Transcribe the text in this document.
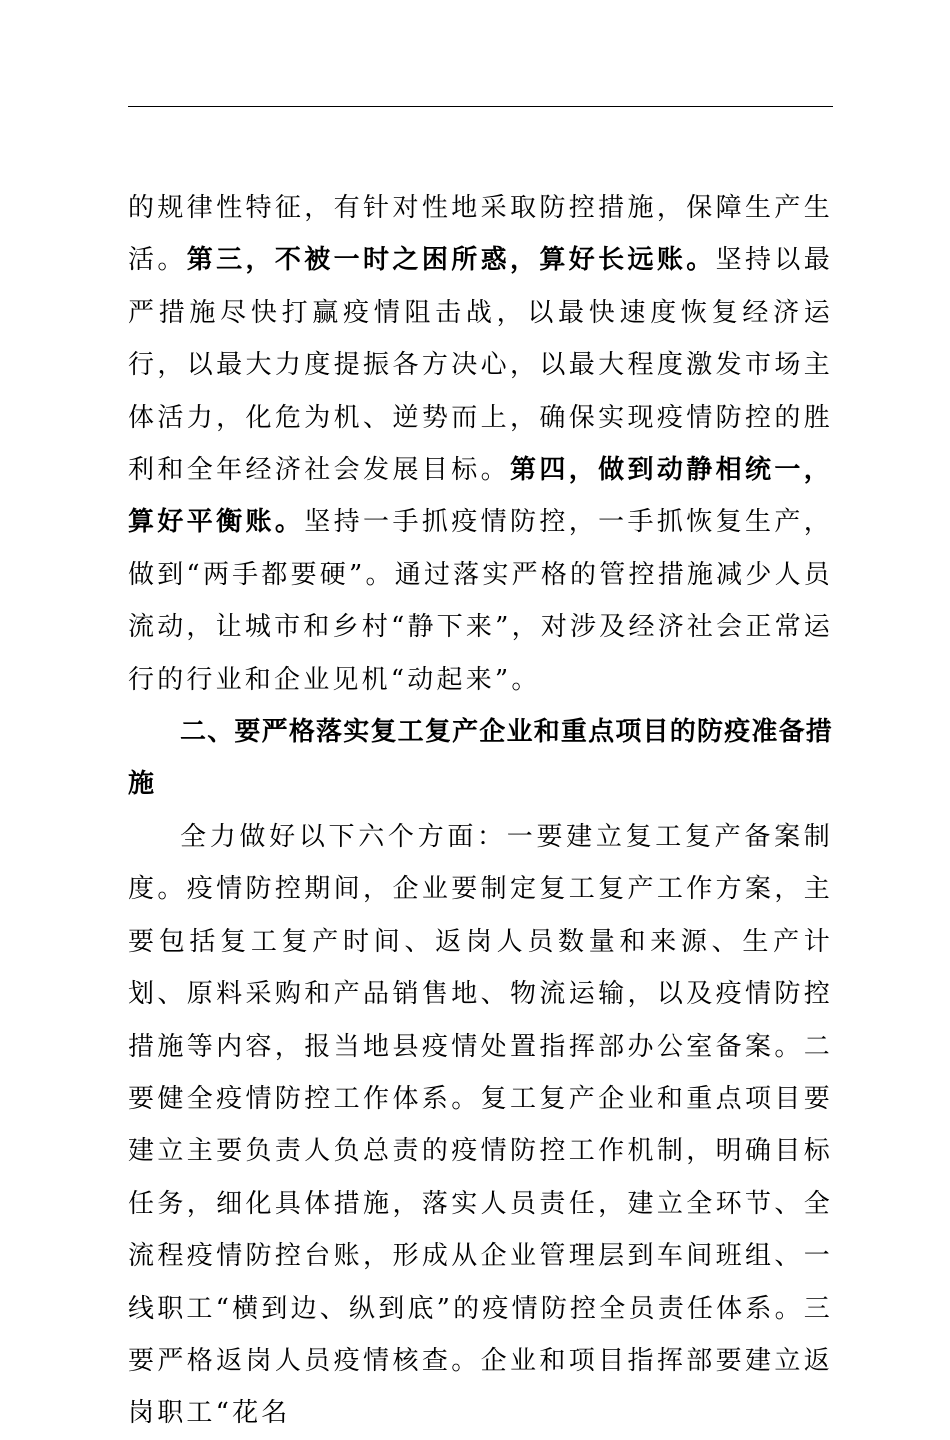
的规律性特征，有针对性地采取防控措施，保障生产生活。第三，不被一时之困所惑，算好长远账。坚持以最严措施尽快打赢疫情阻击战，以最快速度恢复经济运行，以最大力度提振各方决心，以最大程度激发市场主体活力，化危为机、逆势而上，确保实现疫情防控的胜利和全年经济社会发展目标。第四，做到动静相统一，算好平衡账。坚持一手抓疫情防控，一手抓恢复生产，做到“两手都要硬”。通过落实严格的管控措施减少人员流动，让城市和乡村“静下来”，对涉及经济社会正常运行的行业和企业见机“动起来”。

二、要严格落实复工复产企业和重点项目的防疫准备措施

全力做好以下六个方面：一要建立复工复产备案制度。疫情防控期间，企业要制定复工复产工作方案，主要包括复工复产时间、返岗人员数量和来源、生产计划、原料采购和产品销售地、物流运输，以及疫情防控措施等内容，报当地县疫情处置指挥部办公室备案。二要健全疫情防控工作体系。复工复产企业和重点项目要建立主要负责人负总责的疫情防控工作机制，明确目标任务，细化具体措施，落实人员责任，建立全环节、全流程疫情防控台账，形成从企业管理层到车间班组、一线职工“横到边、纵到底”的疫情防控全员责任体系。三要严格返岗人员疫情核查。企业和项目指挥部要建立返岗职工“花名
